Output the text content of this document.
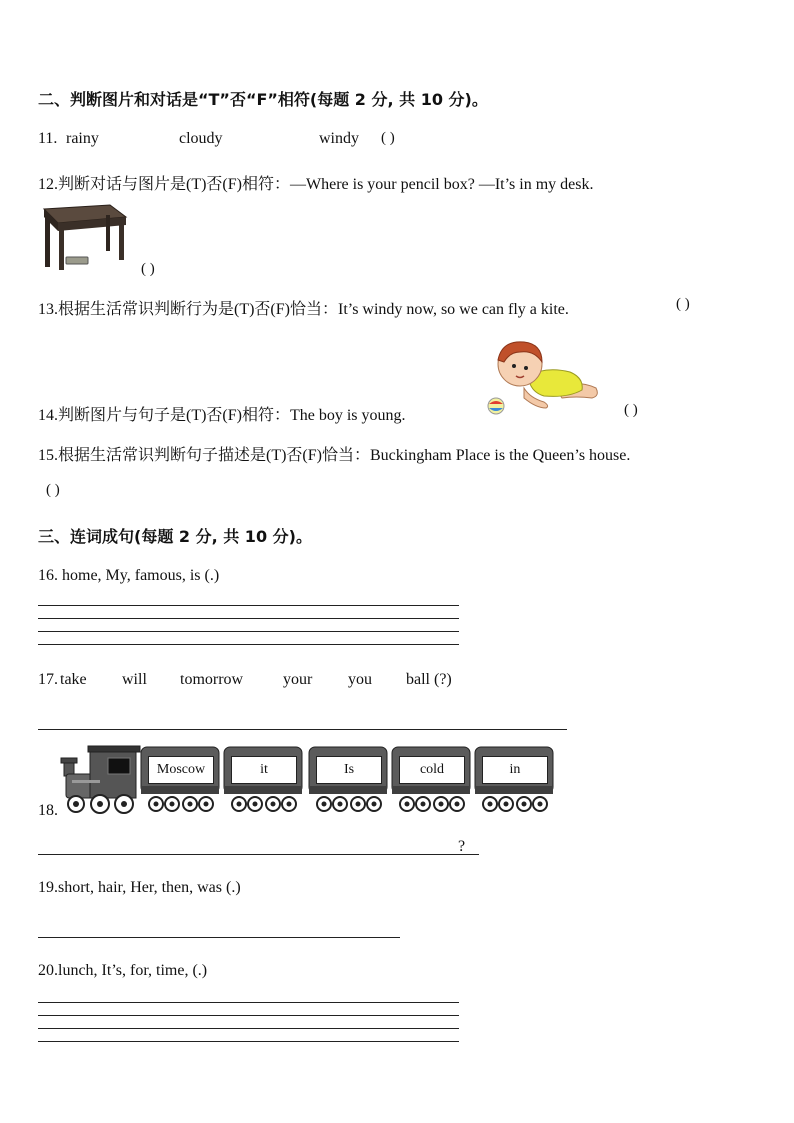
二、判断图片和对话是“T”否“F”相符(每题 2 分, 共 10 分)。
11. rainy	cloudy	windy ( )
12.判断对话与图片是(T)否(F)相符：—Where is your pencil box? —It’s in my desk.
( )
13.根据生活常识判断行为是(T)否(F)恰当：It’s windy now, so we can fly a kite.	( )
14.判断图片与句子是(T)否(F)相符：The boy is young.	( )
15.根据生活常识判断句子描述是(T)否(F)恰当：Buckingham Place is the Queen’s house.
( )
三、连词成句(每题 2 分, 共 10 分)。
16. home, My, famous, is (.)
17. take will tomorrow your you ball (?)
18.
Moscow	it	Is	cold	in
?
19.short, hair, Her, then, was (.)
20.lunch, It’s, for, time, (.)
